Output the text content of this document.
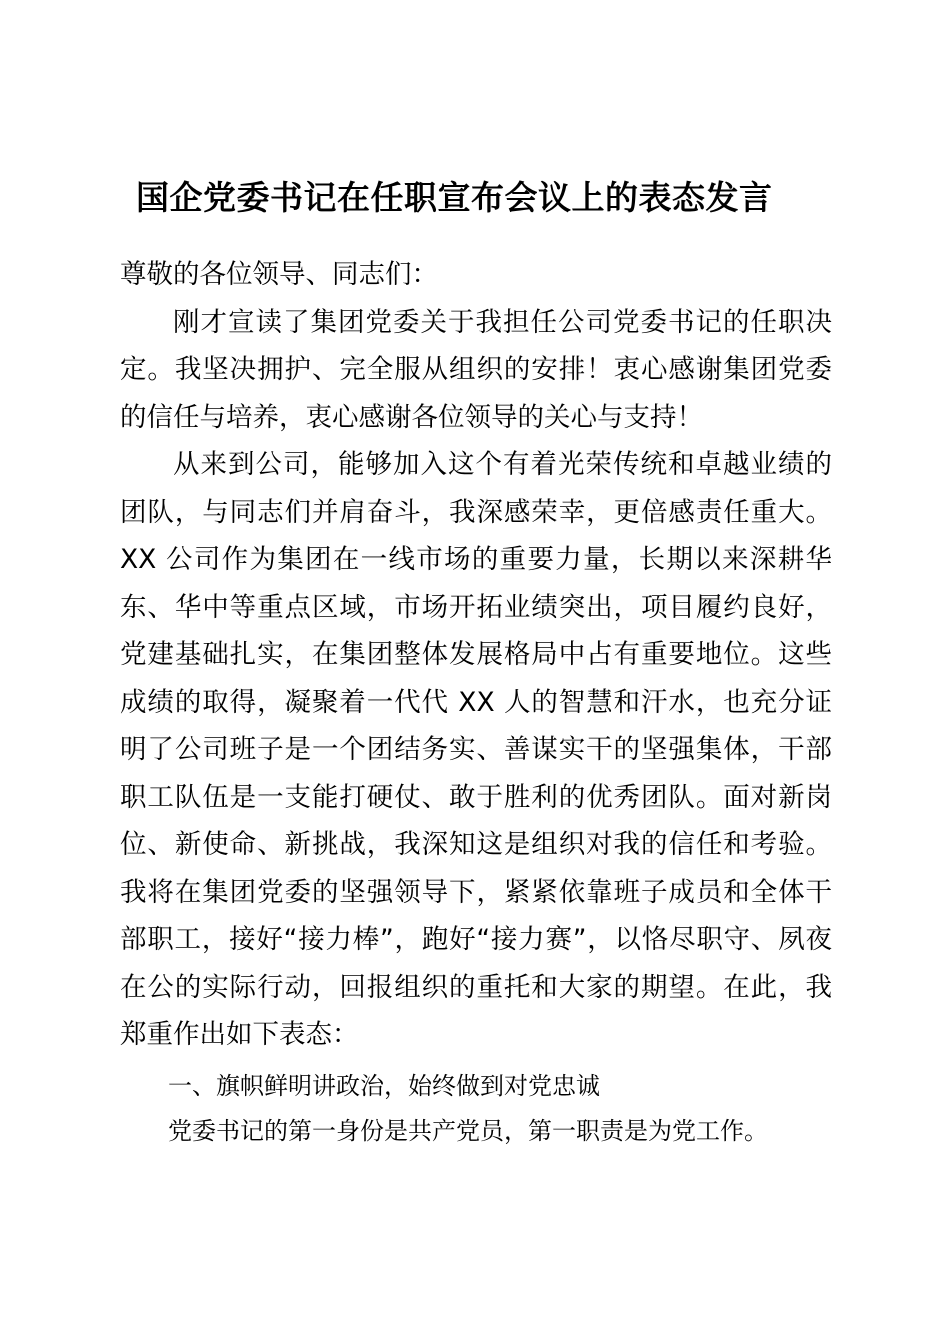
国企党委书记在任职宣布会议上的表态发言

尊敬的各位领导、同志们：

刚才宣读了集团党委关于我担任公司党委书记的任职决定。我坚决拥护、完全服从组织的安排！衷心感谢集团党委的信任与培养，衷心感谢各位领导的关心与支持！

从来到公司，能够加入这个有着光荣传统和卓越业绩的团队，与同志们并肩奋斗，我深感荣幸，更倍感责任重大。XX 公司作为集团在一线市场的重要力量，长期以来深耕华东、华中等重点区域，市场开拓业绩突出，项目履约良好，党建基础扎实，在集团整体发展格局中占有重要地位。这些成绩的取得，凝聚着一代代 XX 人的智慧和汗水，也充分证明了公司班子是一个团结务实、善谋实干的坚强集体，干部职工队伍是一支能打硬仗、敢于胜利的优秀团队。面对新岗位、新使命、新挑战，我深知这是组织对我的信任和考验。我将在集团党委的坚强领导下，紧紧依靠班子成员和全体干部职工，接好“接力棒”，跑好“接力赛”，以恪尽职守、夙夜在公的实际行动，回报组织的重托和大家的期望。在此，我郑重作出如下表态：

一、旗帜鲜明讲政治，始终做到对党忠诚

党委书记的第一身份是共产党员，第一职责是为党工作。
